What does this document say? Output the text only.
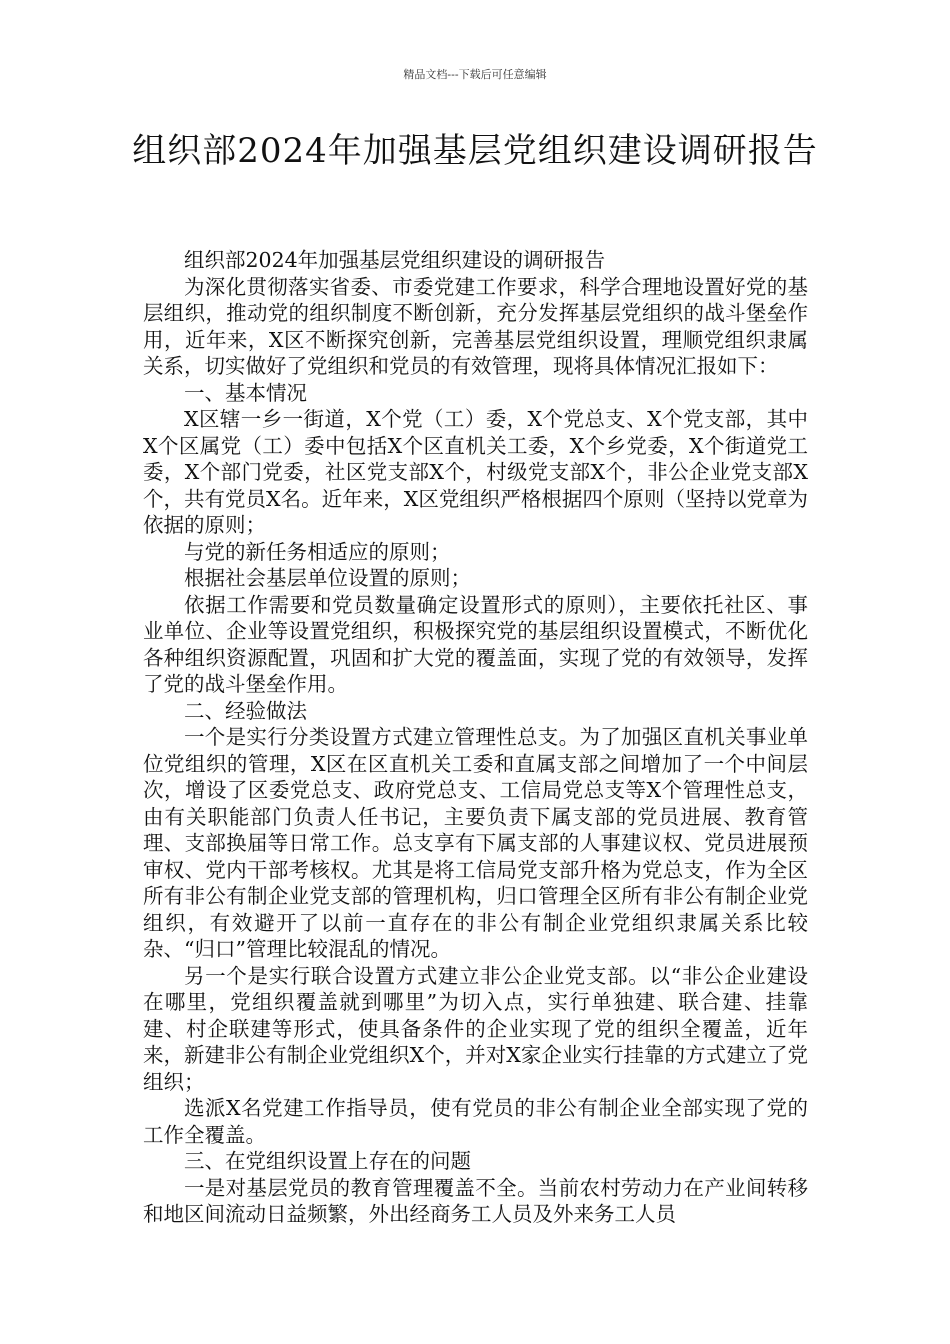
精品文档---下载后可任意编辑
组织部2024年加强基层党组织建设调研报告

组织部2024年加强基层党组织建设的调研报告

为深化贯彻落实省委、市委党建工作要求，科学合理地设置好党的基层组织，推动党的组织制度不断创新，充分发挥基层党组织的战斗堡垒作用，近年来，X区不断探究创新，完善基层党组织设置，理顺党组织隶属关系，切实做好了党组织和党员的有效管理，现将具体情况汇报如下：

一、基本情况

X区辖一乡一街道，X个党（工）委，X个党总支、X个党支部，其中X个区属党（工）委中包括X个区直机关工委，X个乡党委，X个街道党工委，X个部门党委，社区党支部X个，村级党支部X个，非公企业党支部X个，共有党员X名。近年来，X区党组织严格根据四个原则（坚持以党章为依据的原则；

与党的新任务相适应的原则；

根据社会基层单位设置的原则；

依据工作需要和党员数量确定设置形式的原则），主要依托社区、事业单位、企业等设置党组织，积极探究党的基层组织设置模式，不断优化各种组织资源配置，巩固和扩大党的覆盖面，实现了党的有效领导，发挥了党的战斗堡垒作用。

二、经验做法

一个是实行分类设置方式建立管理性总支。为了加强区直机关事业单位党组织的管理，X区在区直机关工委和直属支部之间增加了一个中间层次，增设了区委党总支、政府党总支、工信局党总支等X个管理性总支，由有关职能部门负责人任书记，主要负责下属支部的党员进展、教育管理、支部换届等日常工作。总支享有下属支部的人事建议权、党员进展预审权、党内干部考核权。尤其是将工信局党支部升格为党总支，作为全区所有非公有制企业党支部的管理机构，归口管理全区所有非公有制企业党组织，有效避开了以前一直存在的非公有制企业党组织隶属关系比较杂、“归口”管理比较混乱的情况。

另一个是实行联合设置方式建立非公企业党支部。以“非公企业建设在哪里，党组织覆盖就到哪里”为切入点，实行单独建、联合建、挂靠建、村企联建等形式，使具备条件的企业实现了党的组织全覆盖，近年来，新建非公有制企业党组织X个，并对X家企业实行挂靠的方式建立了党组织；

选派X名党建工作指导员，使有党员的非公有制企业全部实现了党的工作全覆盖。

三、在党组织设置上存在的问题

一是对基层党员的教育管理覆盖不全。当前农村劳动力在产业间转移和地区间流动日益频繁，外出经商务工人员及外来务工人员
